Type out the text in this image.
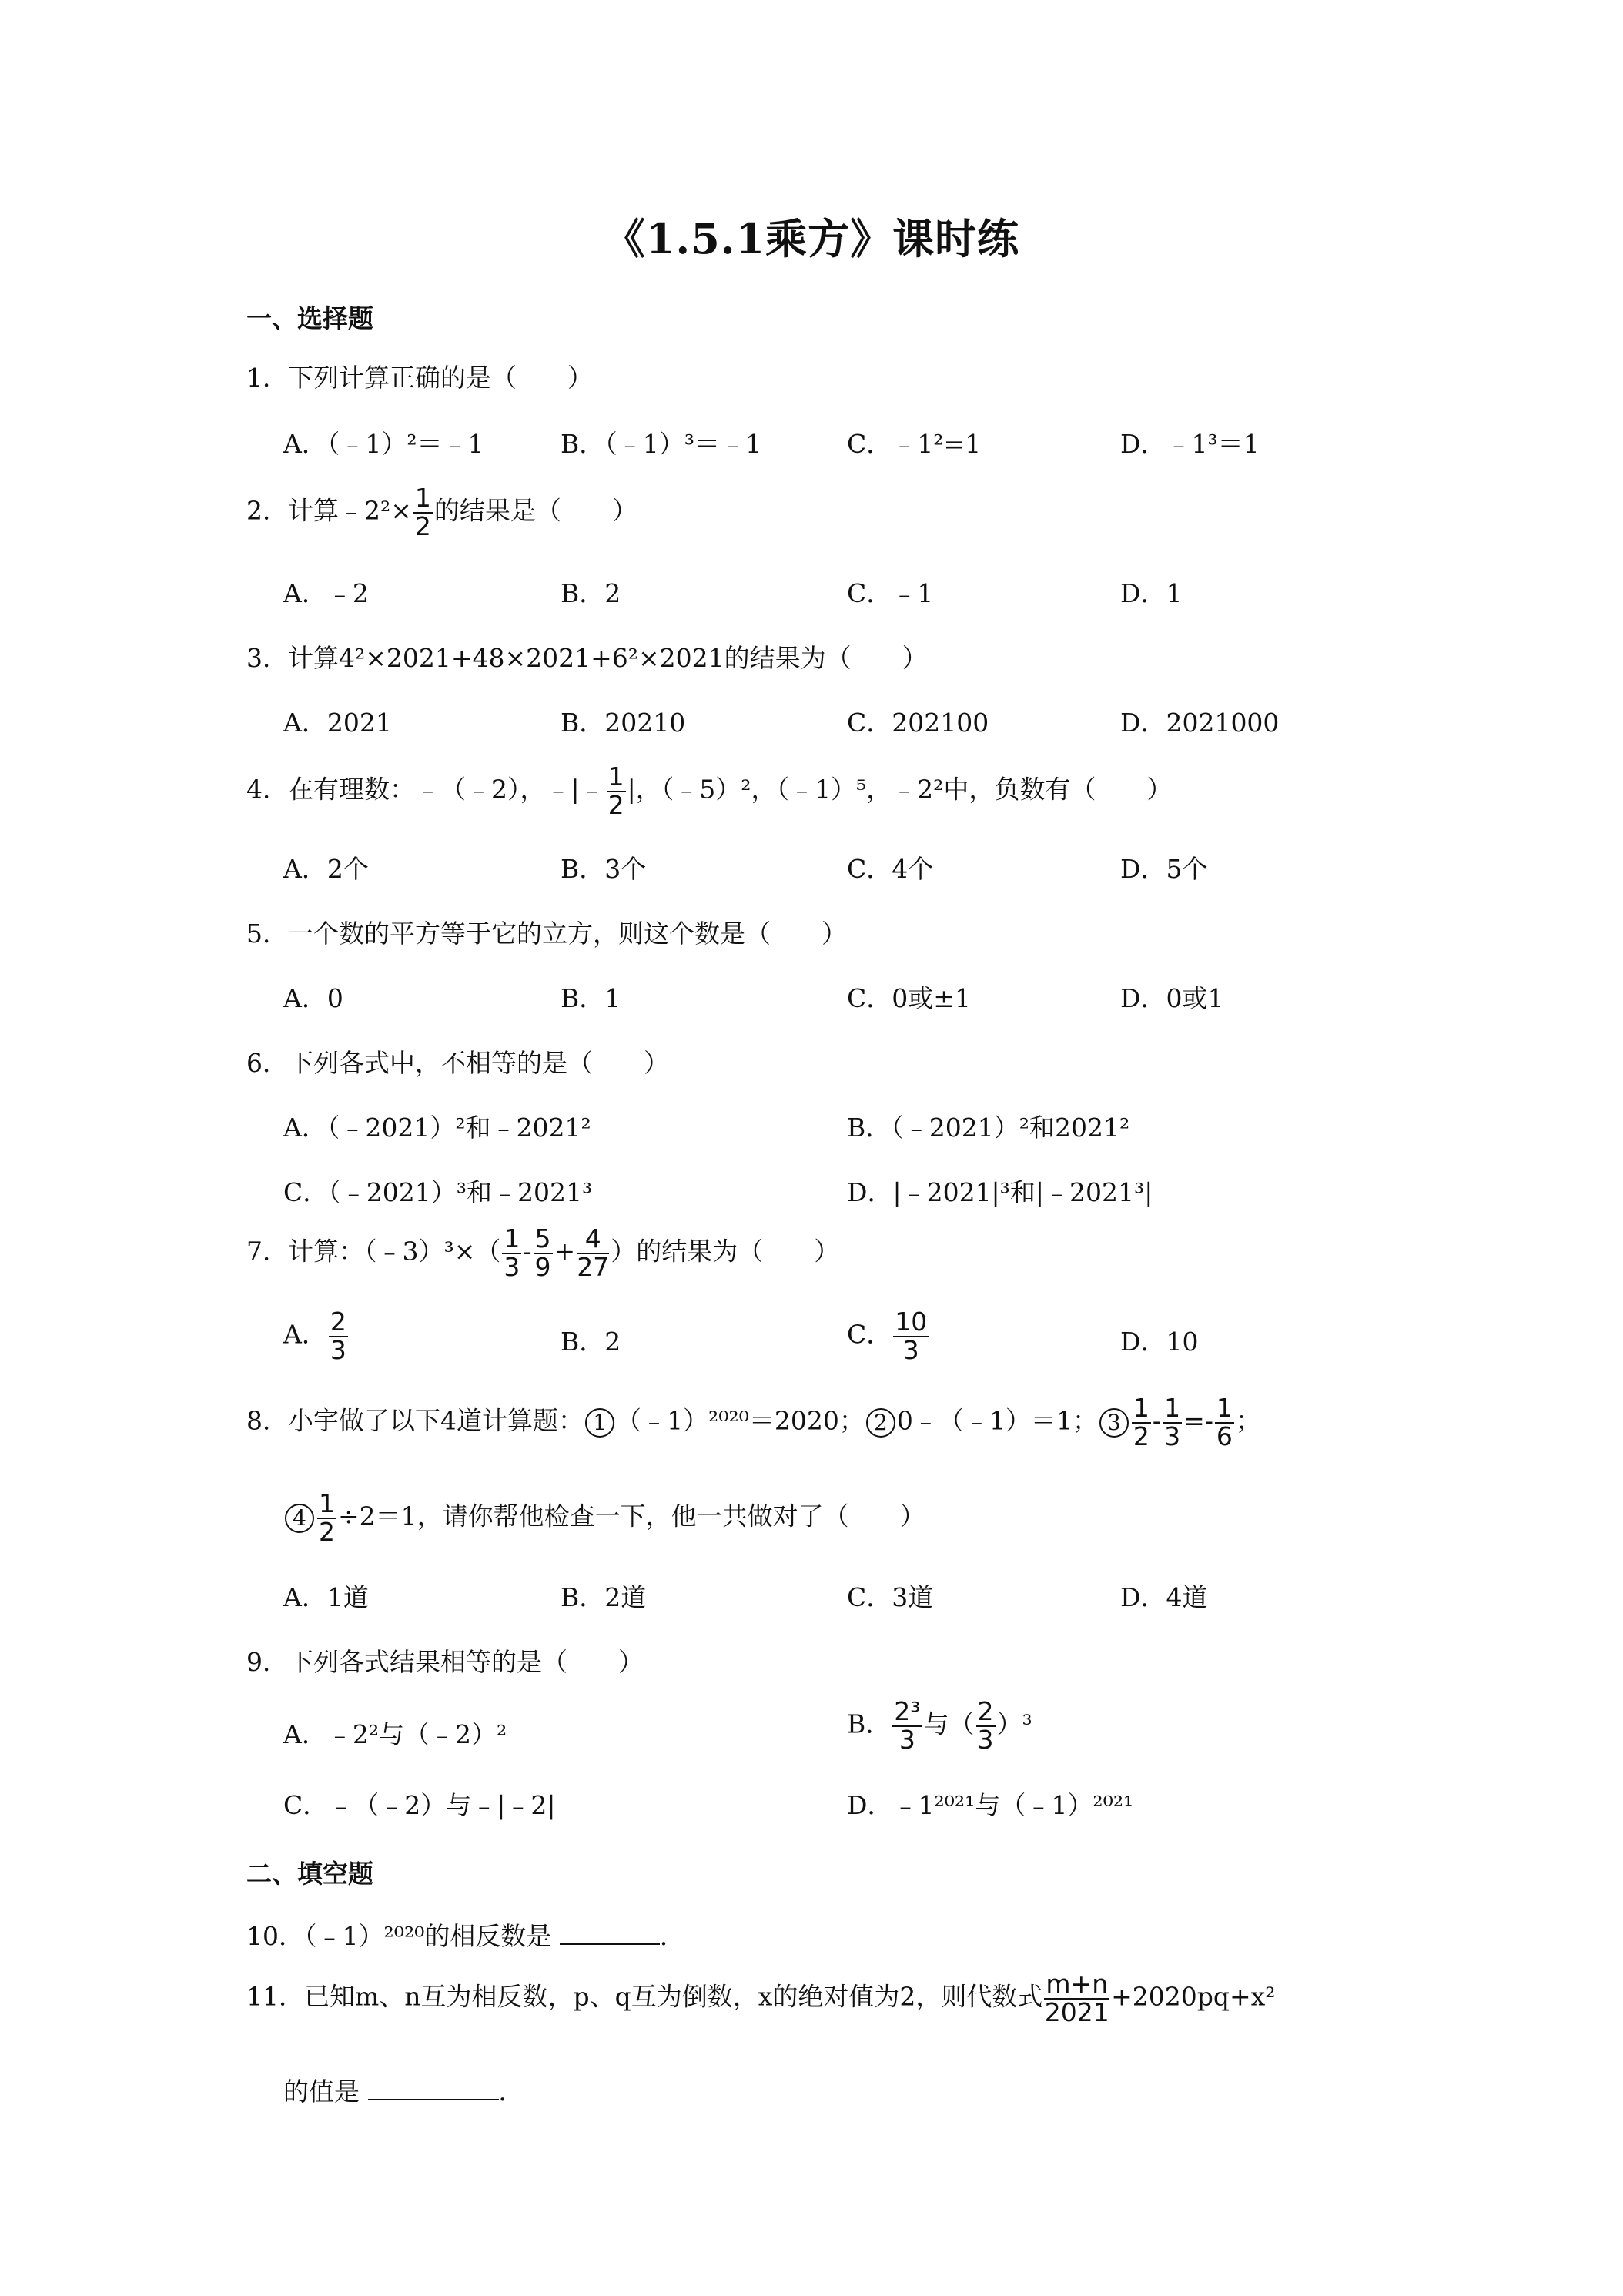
《1.5.1乘方》课时练
一、选择题
1．下列计算正确的是（　　）
A．（﹣1）²＝﹣1	B．（﹣1）³＝﹣1	C．﹣1²=1	D．﹣1³＝1
2．计算﹣2²× $\frac{1}{2}$ 的结果是（　　）
A．﹣2	B．2	C．﹣1	D．1
3．计算4²×2021+48×2021+6²×2021的结果为（　　）
A．2021	B．20210	C．202100	D．2021000
4．在有理数：﹣（﹣2），﹣|﹣ $\frac{1}{2}$ |，（﹣5）²，（﹣1）⁵，﹣2²中，负数有（　　）
A．2个	B．3个	C．4个	D．5个
5．一个数的平方等于它的立方，则这个数是（　　）
A．0	B．1	C．0或±1	D．0或1
6．下列各式中，不相等的是（　　）
A．（﹣2021）²和﹣2021²	B．（﹣2021）²和2021²
C．（﹣2021）³和﹣2021³	D．|﹣2021|³和|﹣2021³|
7．计算：（﹣3）³×（ $\frac{1}{3} - \frac{5}{9} + \frac{4}{27}$ ）的结果为（　　）
A． $\frac{2}{3}$	B．2	C． $\frac{10}{3}$	D．10
8．小宇做了以下4道计算题： 1 （﹣1）²⁰²⁰＝2020； 2 0﹣（﹣1）＝1； $3 \frac{1}{2} - \frac{1}{3} =- \frac{1}{6}$ ；
$4 \frac{1}{2} \div 2=1$，请你帮他检查一下，他一共做对了（　　）
A．1道	B．2道	C．3道	D．4道
9．下列各式结果相等的是（　　）
A．﹣2²与（﹣2）²	B． $\frac{\text{2³}}{3}$ 与（ $\frac{2}{3} )^3$
C．﹣（﹣2）与﹣|﹣2|	D．﹣1²⁰²¹与（﹣1）²⁰²¹
二、填空题
10．（﹣1）²⁰²⁰的相反数是	．
11．已知m、n互为相反数，p、q互为倒数，x的绝对值为2，则代数式 $\frac{m+n}{2021} +2020pq+x^2$
的值是	．
